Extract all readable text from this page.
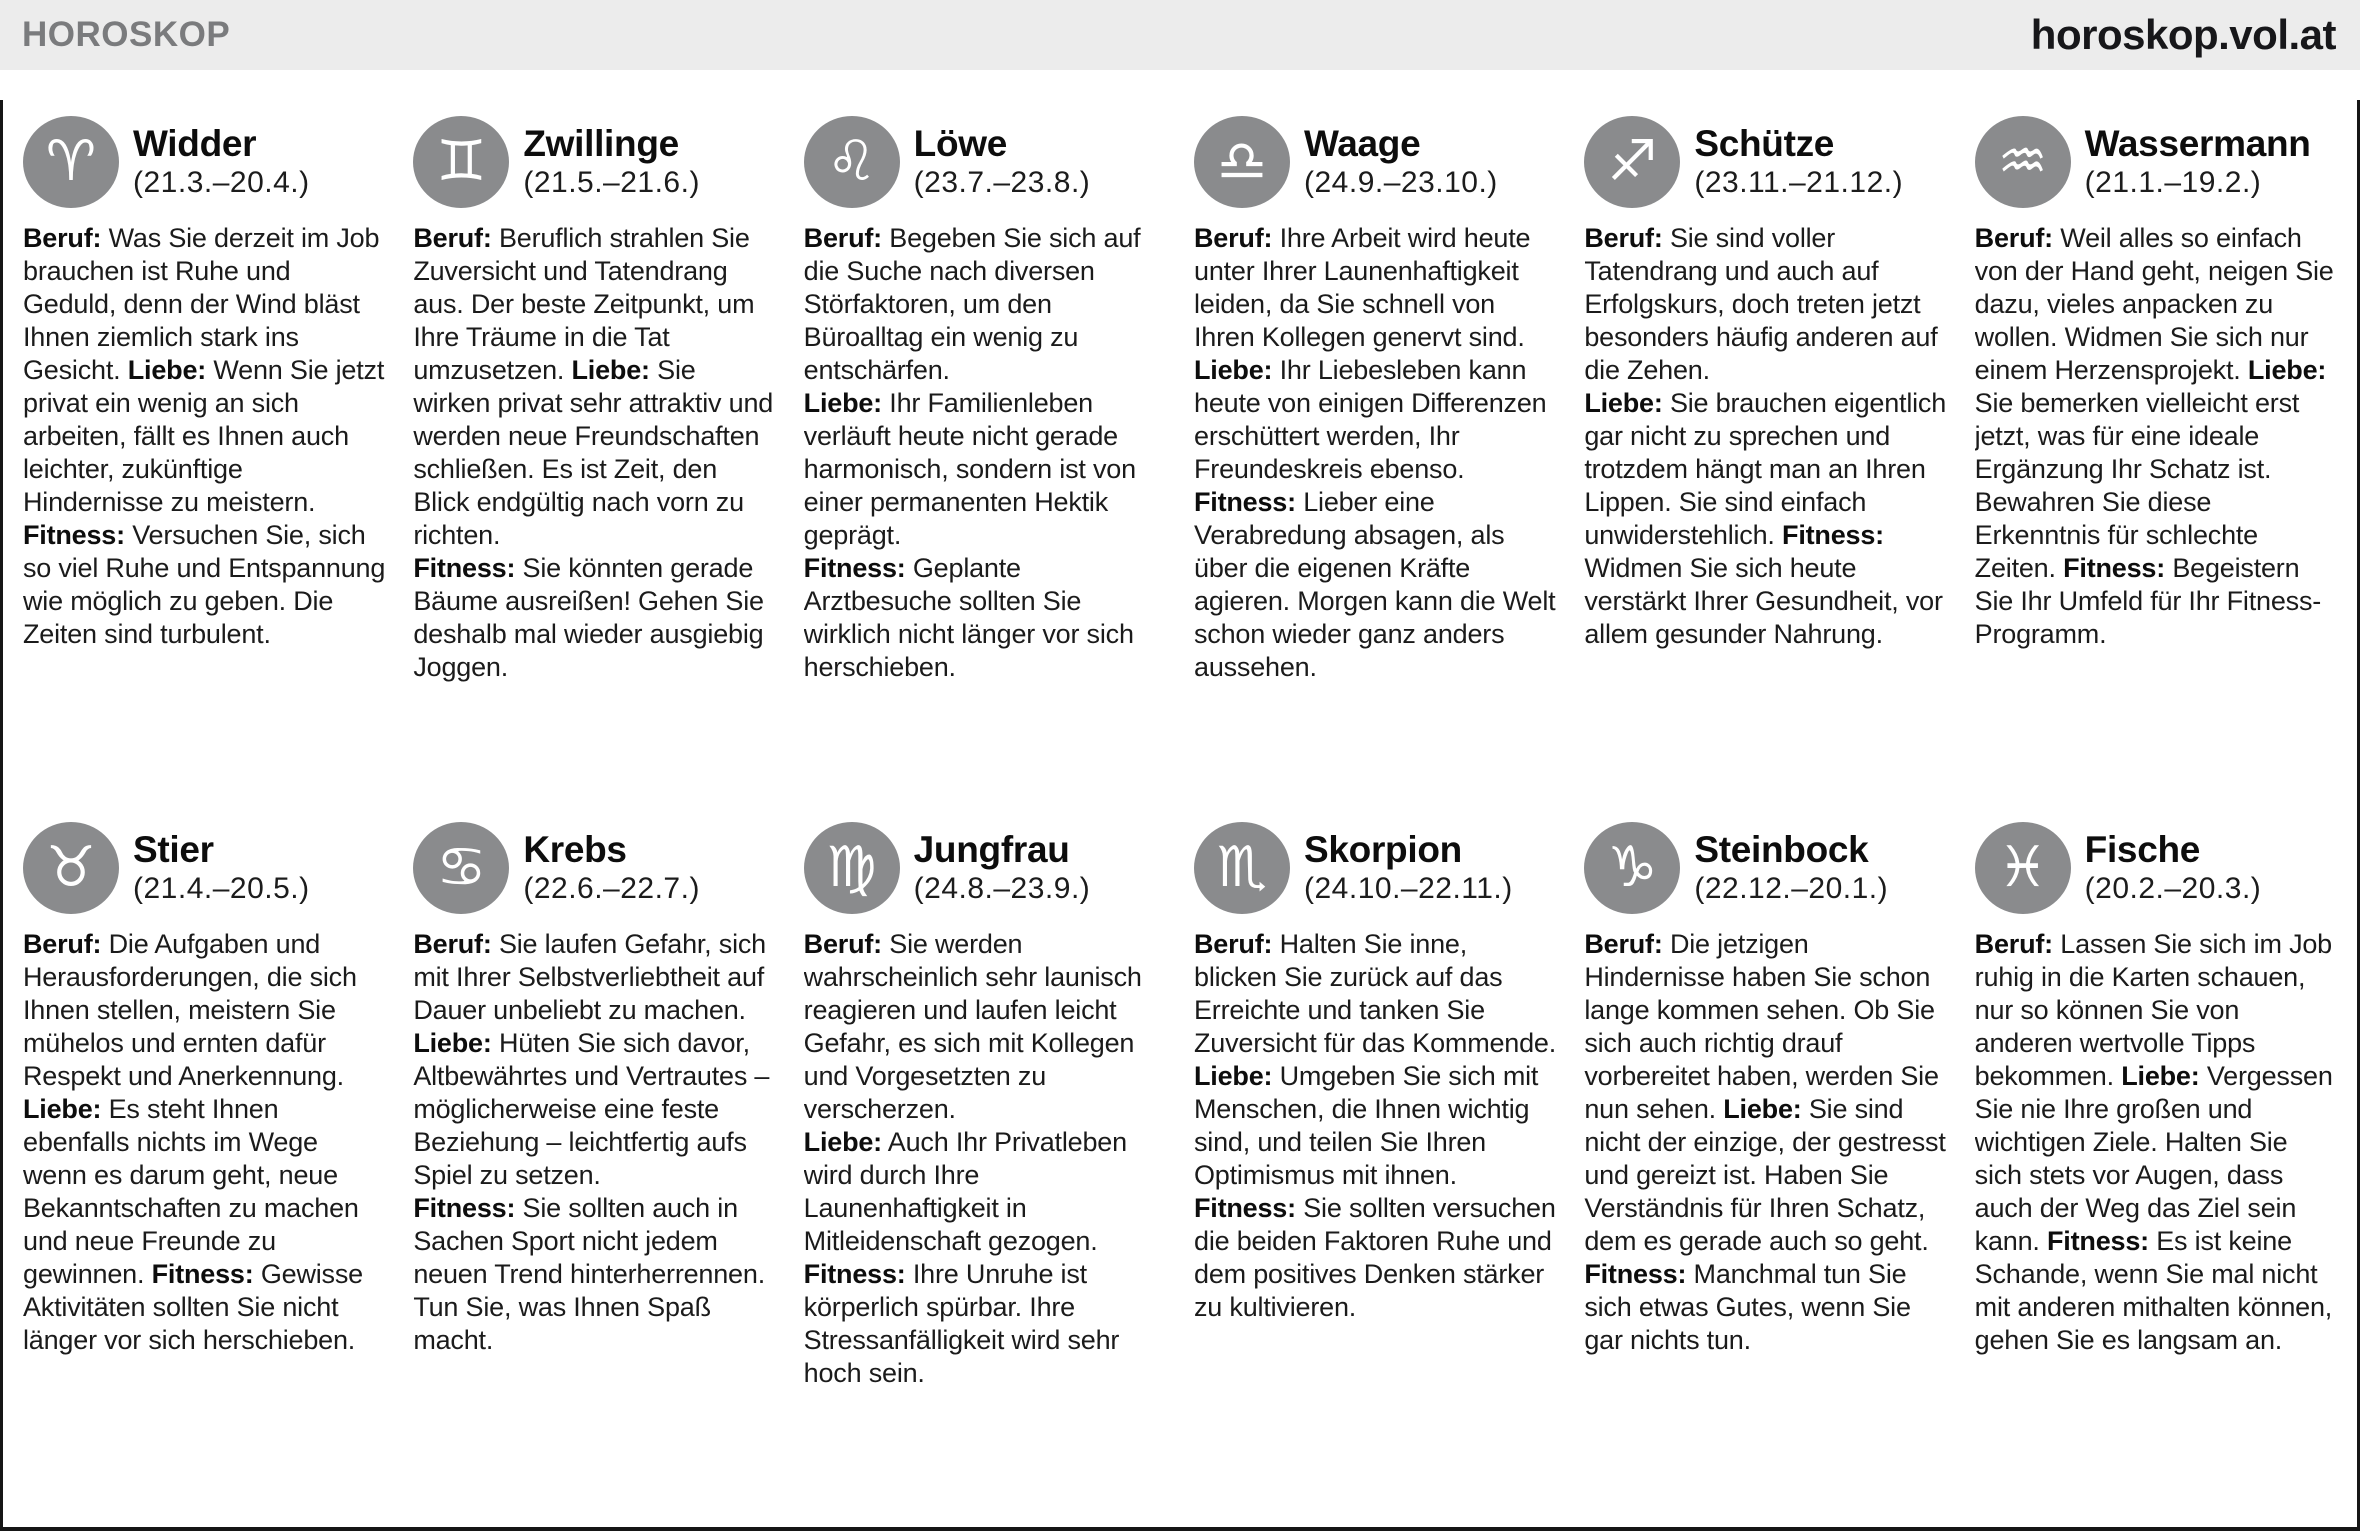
HOROSKOP	horoskop.vol.at
♈ Widder
(21.3.–20.4.)

Beruf: Was Sie derzeit im Job brauchen ist Ruhe und Geduld, denn der Wind bläst Ihnen ziemlich stark ins Gesicht. Liebe: Wenn Sie jetzt privat ein wenig an sich arbeiten, fällt es Ihnen auch leichter, zukünftige Hindernisse zu meistern. Fitness: Versuchen Sie, sich so viel Ruhe und Entspannung wie möglich zu geben. Die Zeiten sind turbulent.

♊ Zwillinge
(21.5.–21.6.)

Beruf: Beruflich strahlen Sie Zuversicht und Tatendrang aus. Der beste Zeitpunkt, um Ihre Träume in die Tat umzusetzen. Liebe: Sie wirken privat sehr attraktiv und werden neue Freundschaften schließen. Es ist Zeit, den Blick endgültig nach vorn zu richten.
Fitness: Sie könnten gerade Bäume ausreißen! Gehen Sie deshalb mal wieder ausgiebig Joggen.

♌ Löwe
(23.7.–23.8.)

Beruf: Begeben Sie sich auf die Suche nach diversen Störfaktoren, um den Büroalltag ein wenig zu entschärfen.
Liebe: Ihr Familienleben verläuft heute nicht gerade harmonisch, sondern ist von einer permanenten Hektik geprägt.
Fitness: Geplante Arztbesuche sollten Sie wirklich nicht länger vor sich herschieben.

♎ Waage
(24.9.–23.10.)

Beruf: Ihre Arbeit wird heute unter Ihrer Launenhaftigkeit leiden, da Sie schnell von Ihren Kollegen genervt sind. Liebe: Ihr Liebesleben kann heute von einigen Differenzen erschüttert werden, Ihr Freundeskreis ebenso. Fitness: Lieber eine Verabredung absagen, als über die eigenen Kräfte agieren. Morgen kann die Welt schon wieder ganz anders aussehen.

♐ Schütze
(23.11.–21.12.)

Beruf: Sie sind voller Tatendrang und auch auf Erfolgskurs, doch treten jetzt besonders häufig anderen auf die Zehen.
Liebe: Sie brauchen eigentlich gar nicht zu sprechen und trotzdem hängt man an Ihren Lippen. Sie sind einfach unwiderstehlich. Fitness: Widmen Sie sich heute verstärkt Ihrer Gesundheit, vor allem gesunder Nahrung.

♒ Wassermann
(21.1.–19.2.)

Beruf: Weil alles so einfach von der Hand geht, neigen Sie dazu, vieles anpacken zu wollen. Widmen Sie sich nur einem Herzensprojekt. Liebe: Sie bemerken vielleicht erst jetzt, was für eine ideale Ergänzung Ihr Schatz ist. Bewahren Sie diese Erkenntnis für schlechte Zeiten. Fitness: Begeistern Sie Ihr Umfeld für Ihr Fitness-Programm.

♉ Stier
(21.4.–20.5.)

Beruf: Die Aufgaben und Herausforderungen, die sich Ihnen stellen, meistern Sie mühelos und ernten dafür Respekt und Anerkennung. Liebe: Es steht Ihnen ebenfalls nichts im Wege wenn es darum geht, neue Bekanntschaften zu machen und neue Freunde zu gewinnen. Fitness: Gewisse Aktivitäten sollten Sie nicht länger vor sich herschieben.

♋ Krebs
(22.6.–22.7.)

Beruf: Sie laufen Gefahr, sich mit Ihrer Selbstverliebtheit auf Dauer unbeliebt zu machen. Liebe: Hüten Sie sich davor, Altbewährtes und Vertrautes – möglicherweise eine feste Beziehung – leichtfertig aufs Spiel zu setzen.
Fitness: Sie sollten auch in Sachen Sport nicht jedem neuen Trend hinterherrennen. Tun Sie, was Ihnen Spaß macht.

♍ Jungfrau
(24.8.–23.9.)

Beruf: Sie werden wahrscheinlich sehr launisch reagieren und laufen leicht Gefahr, es sich mit Kollegen und Vorgesetzten zu verscherzen.
Liebe: Auch Ihr Privatleben wird durch Ihre Launenhaftigkeit in Mitleidenschaft gezogen.
Fitness: Ihre Unruhe ist körperlich spürbar. Ihre Stressanfälligkeit wird sehr hoch sein.

♏ Skorpion
(24.10.–22.11.)

Beruf: Halten Sie inne, blicken Sie zurück auf das Erreichte und tanken Sie Zuversicht für das Kommende. Liebe: Umgeben Sie sich mit Menschen, die Ihnen wichtig sind, und teilen Sie Ihren Optimismus mit ihnen.
Fitness: Sie sollten versuchen die beiden Faktoren Ruhe und dem positives Denken stärker zu kultivieren.

♑ Steinbock
(22.12.–20.1.)

Beruf: Die jetzigen Hindernisse haben Sie schon lange kommen sehen. Ob Sie sich auch richtig drauf vorbereitet haben, werden Sie nun sehen. Liebe: Sie sind nicht der einzige, der gestresst und gereizt ist. Haben Sie Verständnis für Ihren Schatz, dem es gerade auch so geht.
Fitness: Manchmal tun Sie sich etwas Gutes, wenn Sie gar nichts tun.

♓ Fische
(20.2.–20.3.)

Beruf: Lassen Sie sich im Job ruhig in die Karten schauen, nur so können Sie von anderen wertvolle Tipps bekommen. Liebe: Vergessen Sie nie Ihre großen und wichtigen Ziele. Halten Sie sich stets vor Augen, dass auch der Weg das Ziel sein kann. Fitness: Es ist keine Schande, wenn Sie mal nicht mit anderen mithalten können, gehen Sie es langsam an.
